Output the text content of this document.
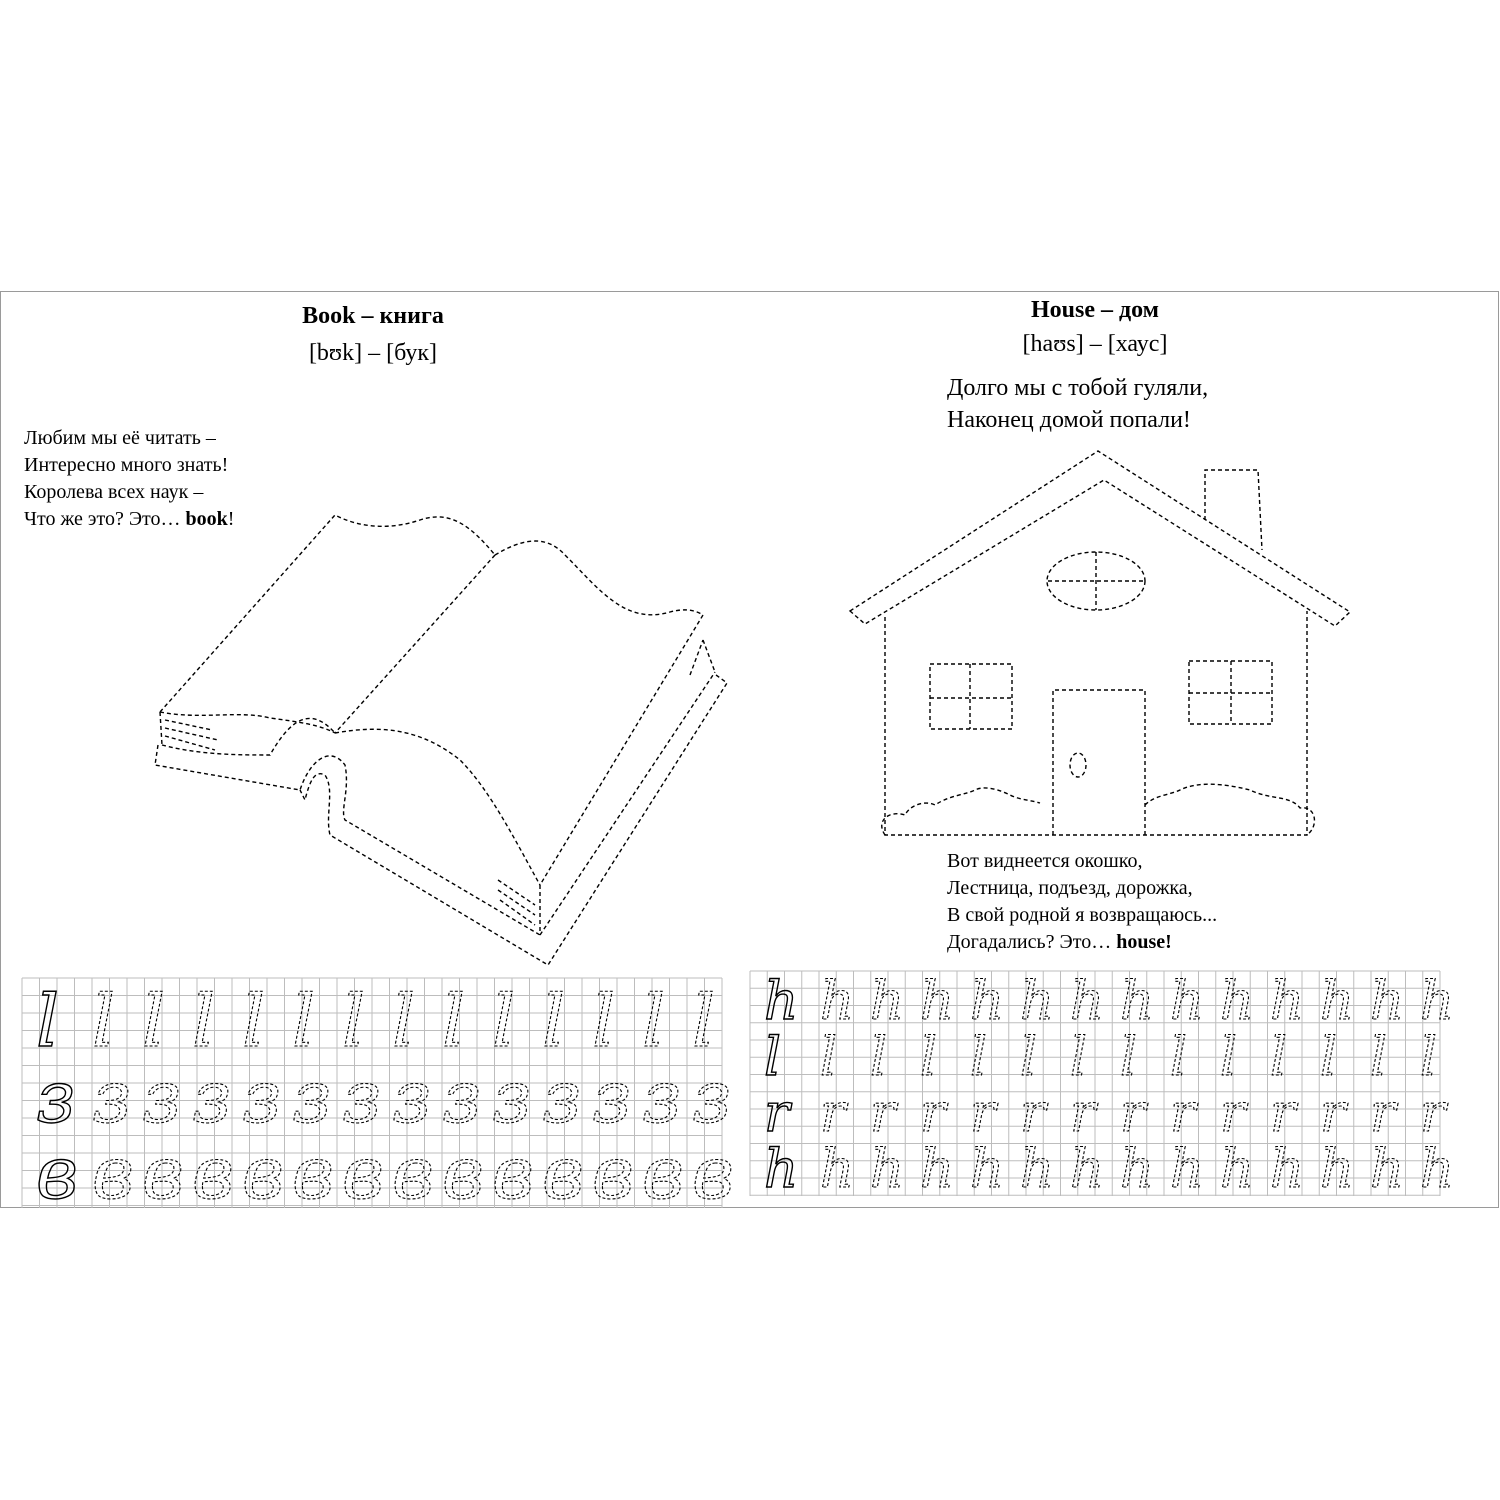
Book – книга
[bʊk] – [бук]
House – дом
[haʊs] – [хаус]
Любим мы её читать –
Интересно много знать!
Королева всех наук –
Что же это? Это… book!
Долго мы с тобой гуляли,
Наконец домой попали!
Вот виднеется окошко,
Лестница, подъезд, дорожка,
В свой родной я возвращаюсь...
Догадались? Это… house!
l l l l l l l l l l l l l l
з з з з з з з з з з з з з з
в в в в в в в в в в в в в в
h h h h h h h h h h h h h h
l l l l l l l l l l l l l l
r r r r r r r r r r r r r r
h h h h h h h h h h h h h h
